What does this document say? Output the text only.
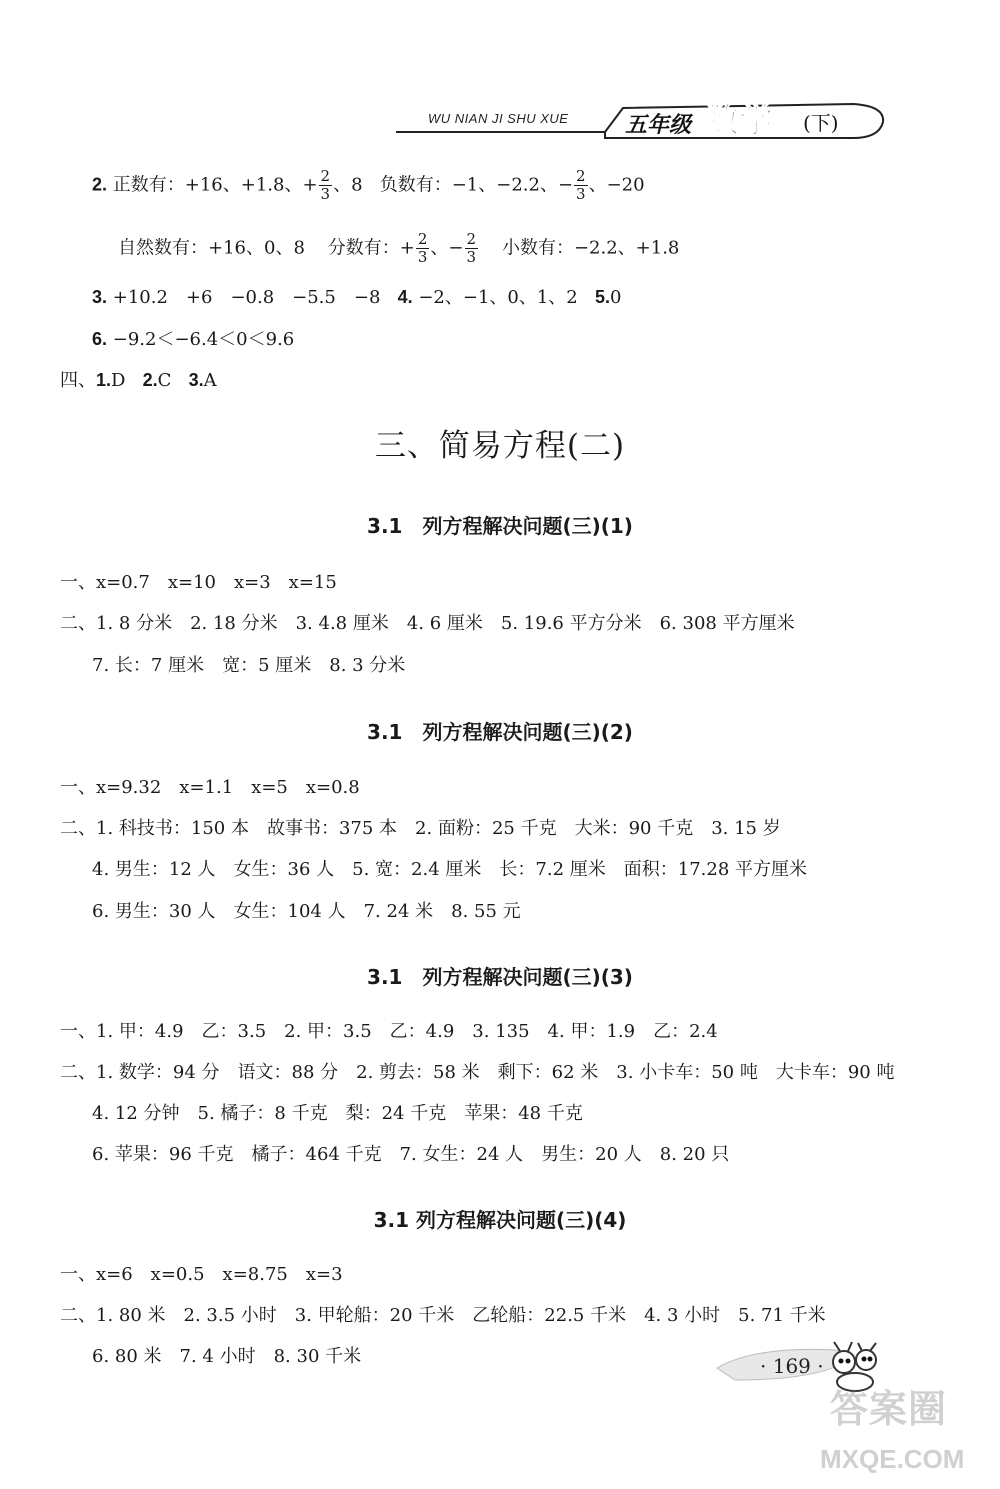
WU NIAN JI SHU XUE	五年级 数学 (下)
2. 正数有：+16、+1.8、+ $\frac{2}{3}$ 、8 负数有：−1、−2.2、− $\frac{2}{3}$ 、−20
自然数有：+16、0、8 分数有：+ $\frac{2}{3}$ 、− $\frac{2}{3}$ 小数有：−2.2、+1.8
3. +10.2　+6　−0.8　−5.5　−8 4. −2、−1、0、1、2 5.0
6. −9.2＜−6.4＜0＜9.6
四、1.D 2.C 3.A
三、简易方程(二)
3.1　列方程解决问题(三)(1)
一、x=0.7　x=10　x=3　x=15
二、1. 8 分米　2. 18 分米　3. 4.8 厘米　4. 6 厘米　5. 19.6 平方分米　6. 308 平方厘米
7. 长：7 厘米　宽：5 厘米　8. 3 分米
3.1　列方程解决问题(三)(2)
一、x=9.32　x=1.1　x=5　x=0.8
二、1. 科技书：150 本　故事书：375 本　2. 面粉：25 千克　大米：90 千克　3. 15 岁
4. 男生：12 人　女生：36 人　5. 宽：2.4 厘米　长：7.2 厘米　面积：17.28 平方厘米
6. 男生：30 人　女生：104 人　7. 24 米　8. 55 元
3.1　列方程解决问题(三)(3)
一、1. 甲：4.9　乙：3.5　2. 甲：3.5　乙：4.9　3. 135　4. 甲：1.9　乙：2.4
二、1. 数学：94 分　语文：88 分　2. 剪去：58 米　剩下：62 米　3. 小卡车：50 吨　大卡车：90 吨
4. 12 分钟　5. 橘子：8 千克　梨：24 千克　苹果：48 千克
6. 苹果：96 千克　橘子：464 千克　7. 女生：24 人　男生：20 人　8. 20 只
3.1 列方程解决问题(三)(4)
一、x=6　x=0.5　x=8.75　x=3
二、1. 80 米　2. 3.5 小时　3. 甲轮船：20 千米　乙轮船：22.5 千米　4. 3 小时　5. 71 千米
6. 80 米　7. 4 小时　8. 30 千米	· 169 ·
答案圈
MXQE.COM
